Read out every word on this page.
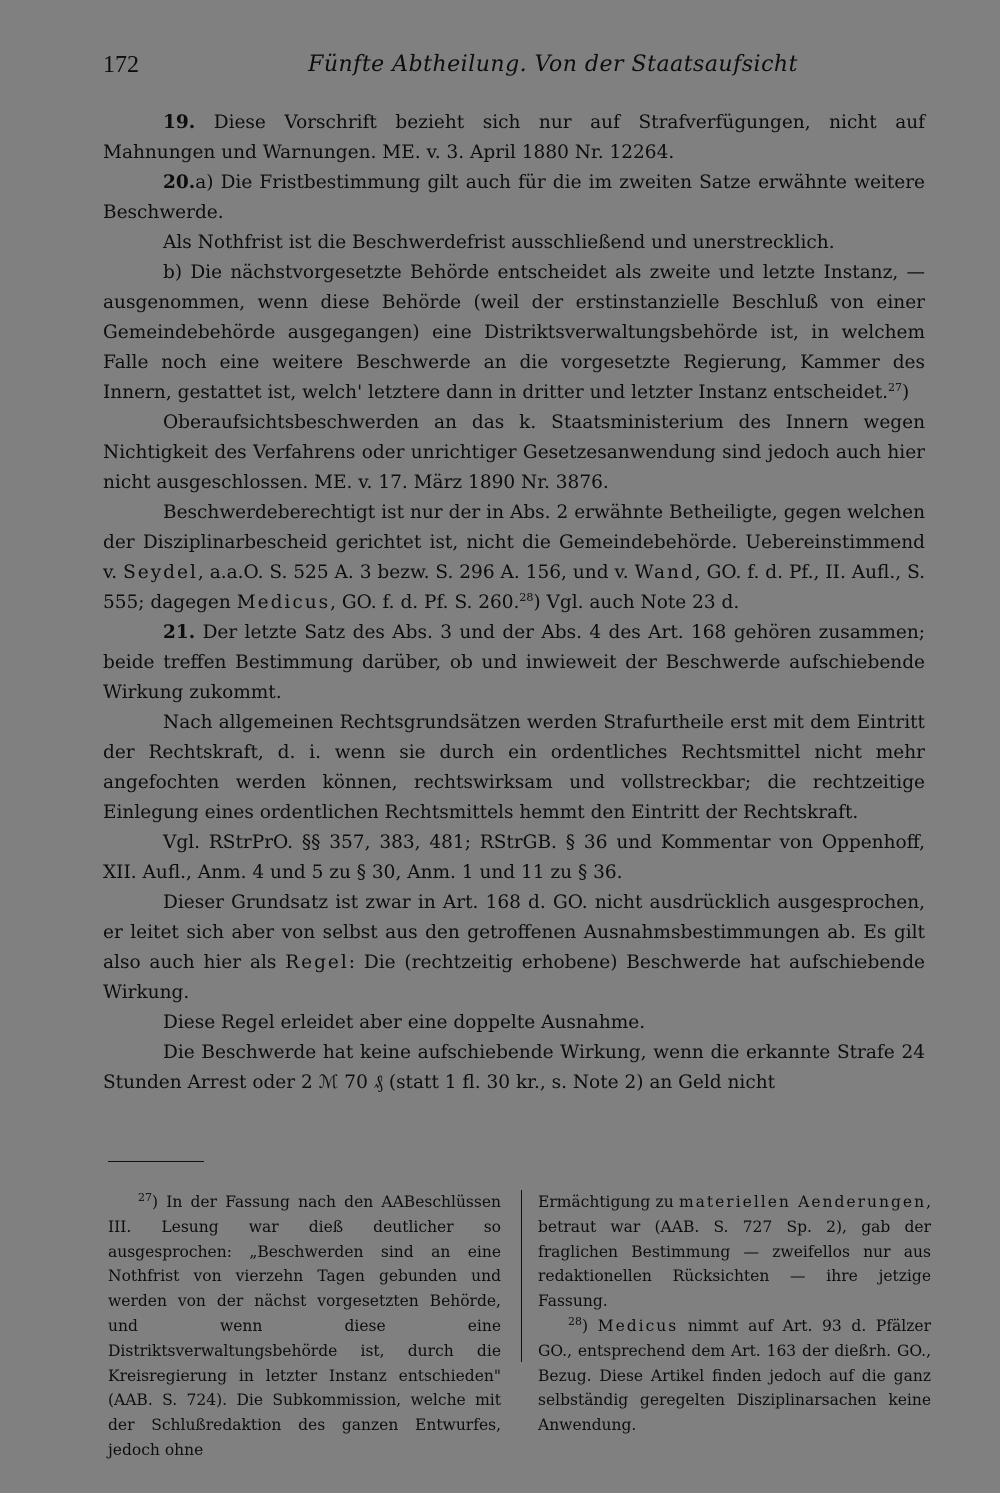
172	Fünfte Abtheilung. Von der Staatsaufsicht

19. Diese Vorschrift bezieht sich nur auf Strafverfügungen, nicht auf Mahnungen und Warnungen. ME. v. 3. April 1880 Nr. 12264.

20.a) Die Fristbestimmung gilt auch für die im zweiten Satze erwähnte weitere Beschwerde.

Als Nothfrist ist die Beschwerdefrist ausschließend und unerstrecklich.

b) Die nächstvorgesetzte Behörde entscheidet als zweite und letzte Instanz, — ausgenommen, wenn diese Behörde (weil der erstinstanzielle Beschluß von einer Gemeindebehörde ausgegangen) eine Distriktsverwaltungsbehörde ist, in welchem Falle noch eine weitere Beschwerde an die vorgesetzte Regierung, Kammer des Innern, gestattet ist, welch' letztere dann in dritter und letzter Instanz entscheidet.$^{27}$)

Oberaufsichtsbeschwerden an das k. Staatsministerium des Innern wegen Nichtigkeit des Verfahrens oder unrichtiger Gesetzesanwendung sind jedoch auch hier nicht ausgeschlossen. ME. v. 17. März 1890 Nr. 3876.

Beschwerdeberechtigt ist nur der in Abs. 2 erwähnte Betheiligte, gegen welchen der Disziplinarbescheid gerichtet ist, nicht die Gemeindebehörde. Uebereinstimmend v. Seydel, a.a.O. S. 525 A. 3 bezw. S. 296 A. 156, und v. Wand, GO. f. d. Pf., II. Aufl., S. 555; dagegen Medicus, GO. f. d. Pf. S. 260.28) Vgl. auch Note 23 d.

21. Der letzte Satz des Abs. 3 und der Abs. 4 des Art. 168 gehören zusammen; beide treffen Bestimmung darüber, ob und inwieweit der Beschwerde aufschiebende Wirkung zukommt.

Nach allgemeinen Rechtsgrundsätzen werden Strafurtheile erst mit dem Eintritt der Rechtskraft, d. i. wenn sie durch ein ordentliches Rechtsmittel nicht mehr angefochten werden können, rechtswirksam und vollstreckbar; die rechtzeitige Einlegung eines ordentlichen Rechtsmittels hemmt den Eintritt der Rechtskraft.

Vgl. RStrPrO. §§ 357, 383, 481; RStrGB. § 36 und Kommentar von Oppenhoff, XII. Aufl., Anm. 4 und 5 zu § 30, Anm. 1 und 11 zu § 36.

Dieser Grundsatz ist zwar in Art. 168 d. GO. nicht ausdrücklich ausgesprochen, er leitet sich aber von selbst aus den getroffenen Ausnahmsbestimmungen ab. Es gilt also auch hier als Regel: Die (rechtzeitig erhobene) Beschwerde hat aufschiebende Wirkung.

Diese Regel erleidet aber eine doppelte Ausnahme.

Die Beschwerde hat keine aufschiebende Wirkung, wenn die erkannte Strafe 24 Stunden Arrest oder 2 ℳ 70 ₰ (statt 1 fl. 30 kr., s. Note 2) an Geld nicht

$^{27}$) In der Fassung nach den AABeschlüssen III. Lesung war dieß deutlicher so ausgesprochen: „Beschwerden sind an eine Nothfrist von vierzehn Tagen gebunden und werden von der nächst vorgesetzten Behörde, und wenn diese eine Distriktsverwaltungsbehörde ist, durch die Kreisregierung in letzter Instanz entschieden" (AAB. S. 724). Die Subkommission, welche mit der Schlußredaktion des ganzen Entwurfes, jedoch ohne

Ermächtigung zu materiellen Aenderungen, betraut war (AAB. S. 727 Sp. 2), gab der fraglichen Bestimmung — zweifellos nur aus redaktionellen Rücksichten — ihre jetzige Fassung.

$^{28}$) Medicus nimmt auf Art. 93 d. Pfälzer GO., entsprechend dem Art. 163 der dießrh. GO., Bezug. Diese Artikel finden jedoch auf die ganz selbständig geregelten Disziplinarsachen keine Anwendung.
